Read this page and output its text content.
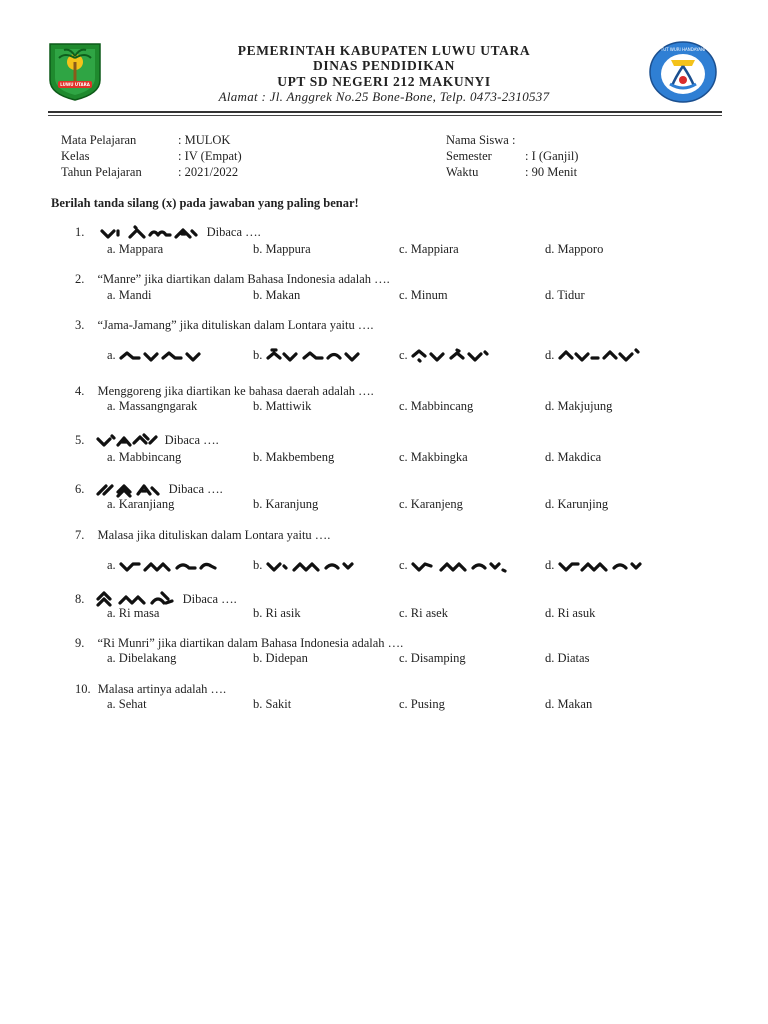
LUWU UTARA
PEMERINTAH KABUPATEN LUWU UTARA
DINAS PENDIDIKAN
UPT SD NEGERI 212 MAKUNYI
Alamat : Jl. Anggrek No.25 Bone-Bone, Telp. 0473-2310537
TUT WURI HANDAYANI
Mata Pelajaran	: MULOK
Kelas	: IV (Empat)
Tahun Pelajaran	: 2021/2022
Nama Siswa :
Semester	: I (Ganjil)
Waktu	: 90 Menit
Berilah tanda silang (x) pada jawaban yang paling benar!
1.	Dibaca ….
a. Mappara	b. Mappura	c. Mappiara	d. Mapporo
2. “Manre” jika diartikan dalam Bahasa Indonesia adalah ….
a. Mandi	b. Makan	c. Minum	d. Tidur
3. “Jama-Jamang” jika dituliskan dalam Lontara yaitu ….
a.	b.	c.	d.
4. Menggoreng jika diartikan ke bahasa daerah adalah ….
a. Massangngarak	b. Mattiwik	c. Mabbincang	d. Makjujung
5.	Dibaca ….
a. Mabbincang	b. Makbembeng	c. Makbingka	d. Makdica
6.	Dibaca ….
a. Karanjiang	b. Karanjung	c. Karanjeng	d. Karunjing
7. Malasa jika dituliskan dalam Lontara yaitu ….
a.	b.	c.	d.
8.	Dibaca ….
a. Ri masa	b. Ri asik	c. Ri asek	d. Ri asuk
9. “Ri Munri” jika diartikan dalam Bahasa Indonesia adalah ….
a. Dibelakang	b. Didepan	c. Disamping	d. Diatas
10. Malasa artinya adalah ….
a. Sehat	b. Sakit	c. Pusing	d. Makan
